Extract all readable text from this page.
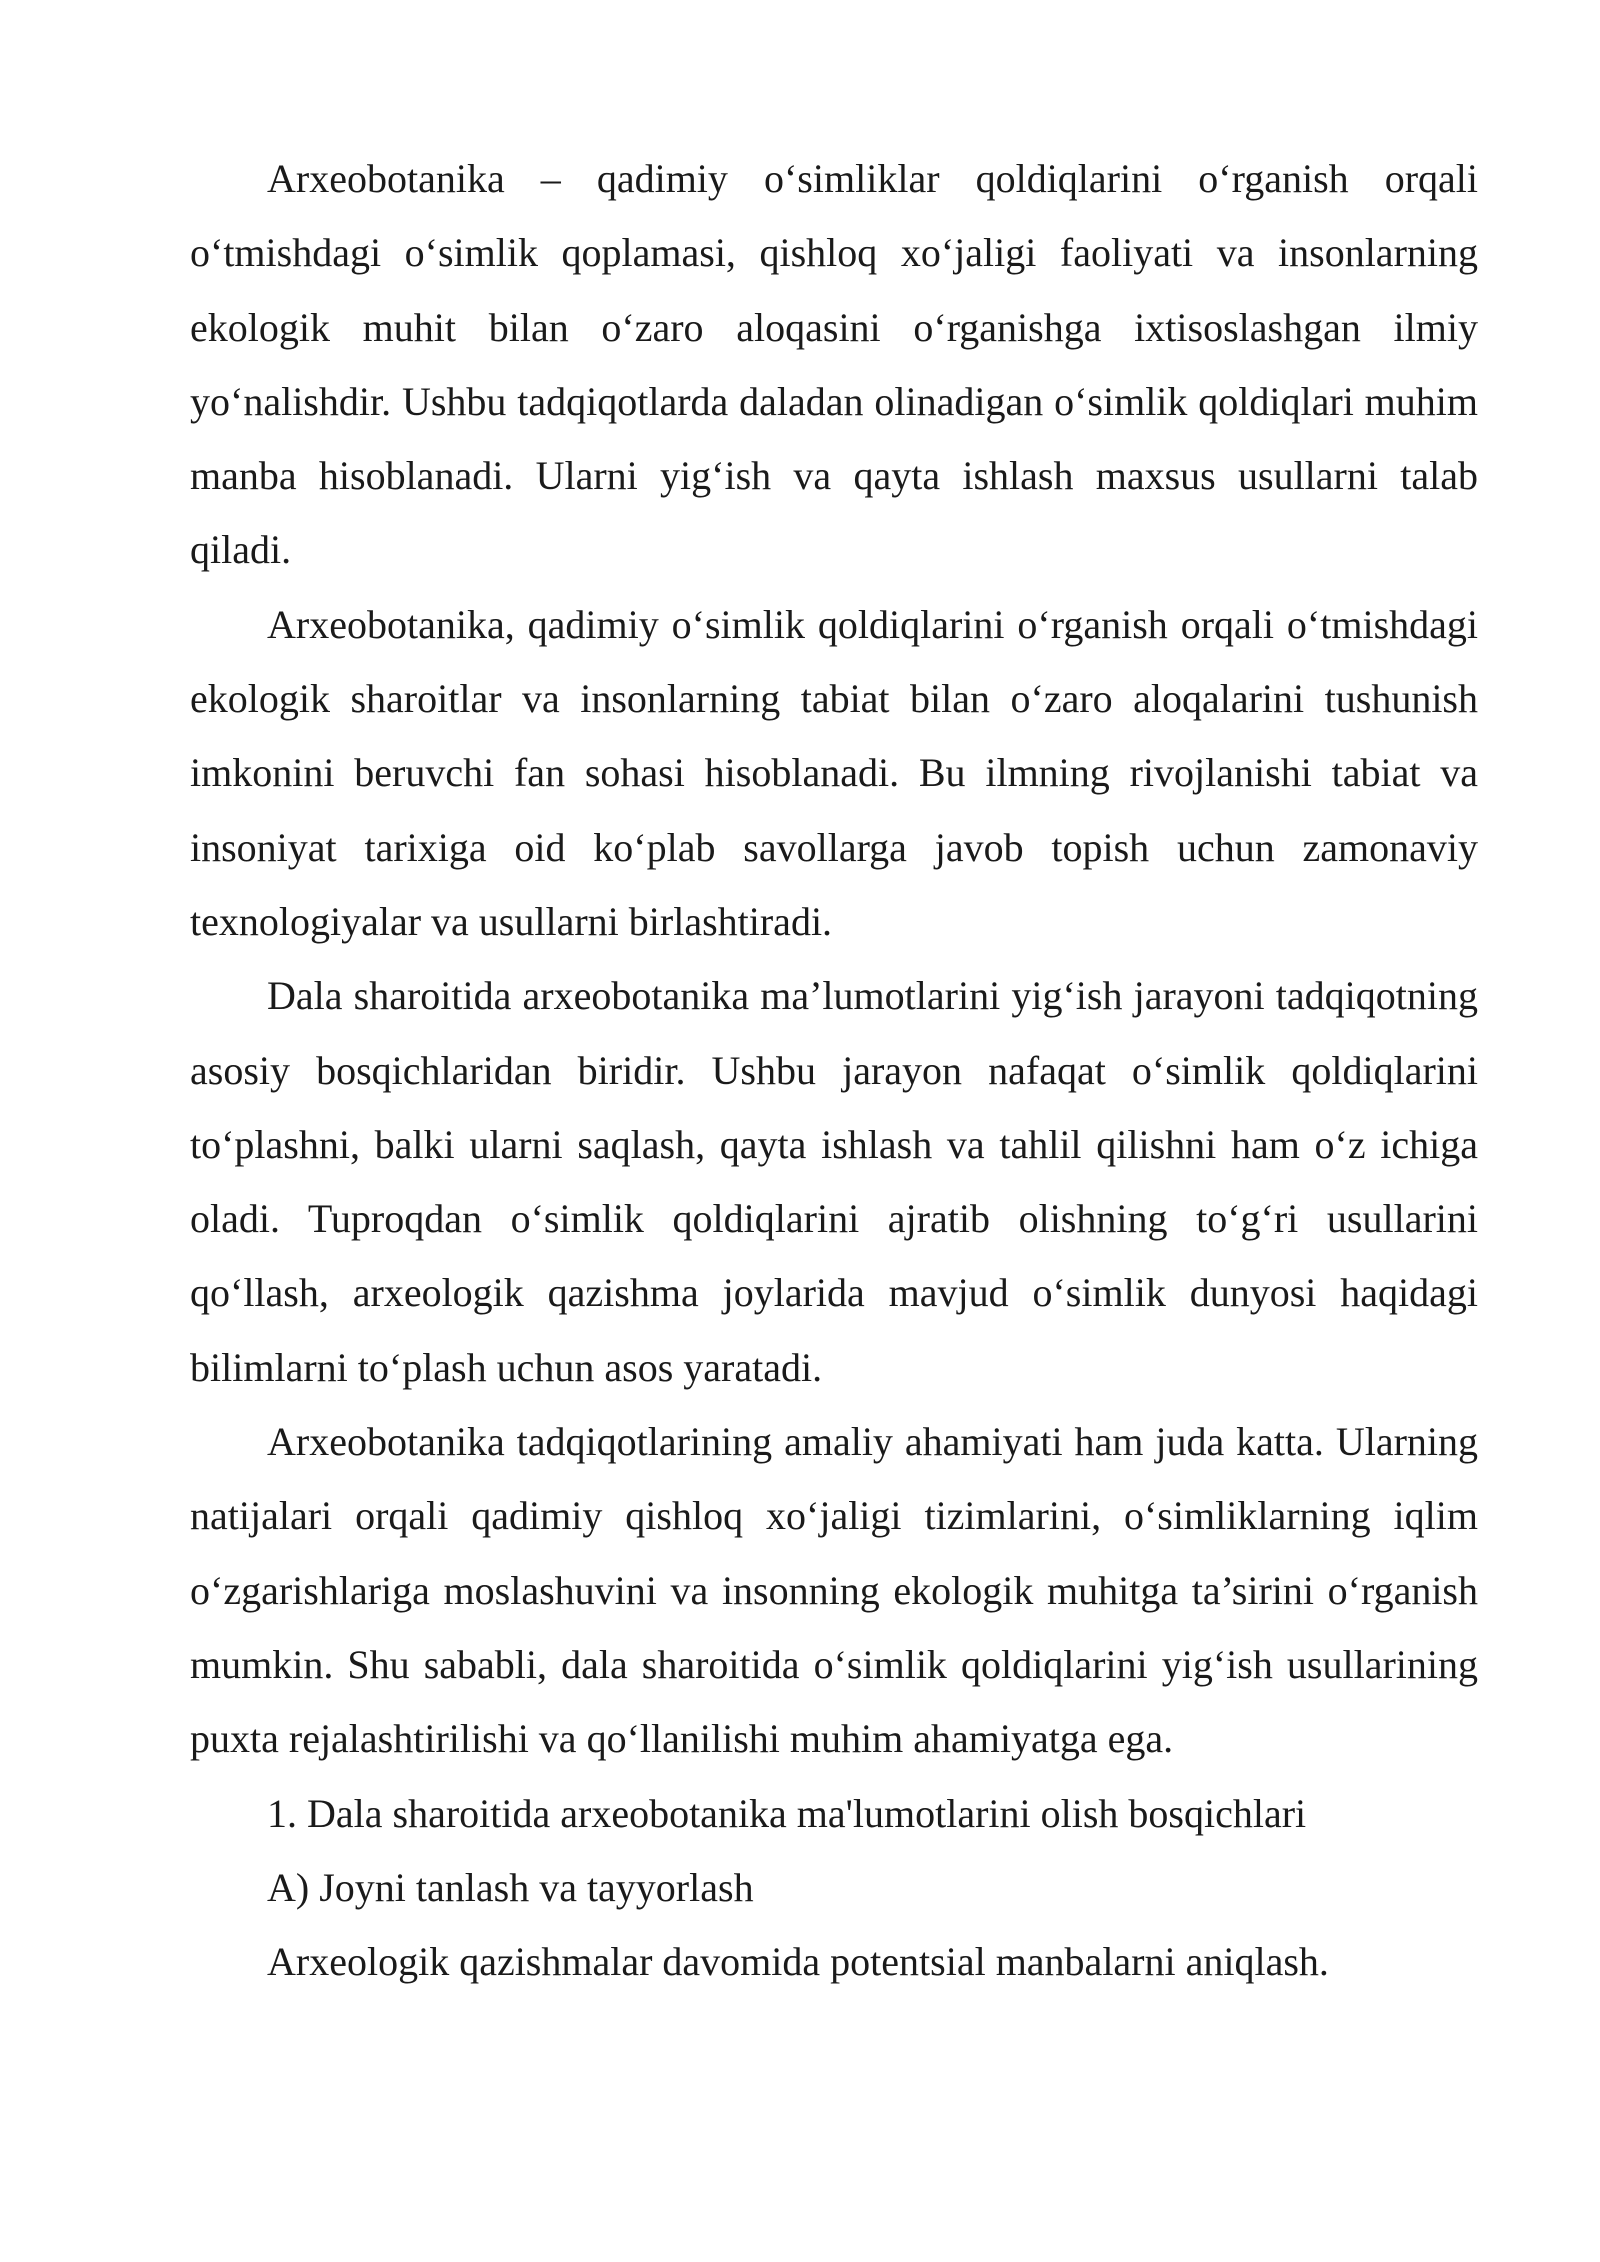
Arxeobotanika – qadimiy o‘simliklar qoldiqlarini o‘rganish orqali o‘tmishdagi o‘simlik qoplamasi, qishloq xo‘jaligi faoliyati va insonlarning ekologik muhit bilan o‘zaro aloqasini o‘rganishga ixtisoslashgan ilmiy yo‘nalishdir. Ushbu tadqiqotlarda daladan olinadigan o‘simlik qoldiqlari muhim manba hisoblanadi. Ularni yig‘ish va qayta ishlash maxsus usullarni talab qiladi.

Arxeobotanika, qadimiy o‘simlik qoldiqlarini o‘rganish orqali o‘tmishdagi ekologik sharoitlar va insonlarning tabiat bilan o‘zaro aloqalarini tushunish imkonini beruvchi fan sohasi hisoblanadi. Bu ilmning rivojlanishi tabiat va insoniyat tarixiga oid ko‘plab savollarga javob topish uchun zamonaviy texnologiyalar va usullarni birlashtiradi.

Dala sharoitida arxeobotanika ma’lumotlarini yig‘ish jarayoni tadqiqotning asosiy bosqichlaridan biridir. Ushbu jarayon nafaqat o‘simlik qoldiqlarini to‘plashni, balki ularni saqlash, qayta ishlash va tahlil qilishni ham o‘z ichiga oladi. Tuproqdan o‘simlik qoldiqlarini ajratib olishning to‘g‘ri usullarini qo‘llash, arxeologik qazishma joylarida mavjud o‘simlik dunyosi haqidagi bilimlarni to‘plash uchun asos yaratadi.

Arxeobotanika tadqiqotlarining amaliy ahamiyati ham juda katta. Ularning natijalari orqali qadimiy qishloq xo‘jaligi tizimlarini, o‘simliklarning iqlim o‘zgarishlariga moslashuvini va insonning ekologik muhitga ta’sirini o‘rganish mumkin. Shu sababli, dala sharoitida o‘simlik qoldiqlarini yig‘ish usullarining puxta rejalashtirilishi va qo‘llanilishi muhim ahamiyatga ega.

1. Dala sharoitida arxeobotanika ma'lumotlarini olish bosqichlari

A) Joyni tanlash va tayyorlash

Arxeologik qazishmalar davomida potentsial manbalarni aniqlash.
